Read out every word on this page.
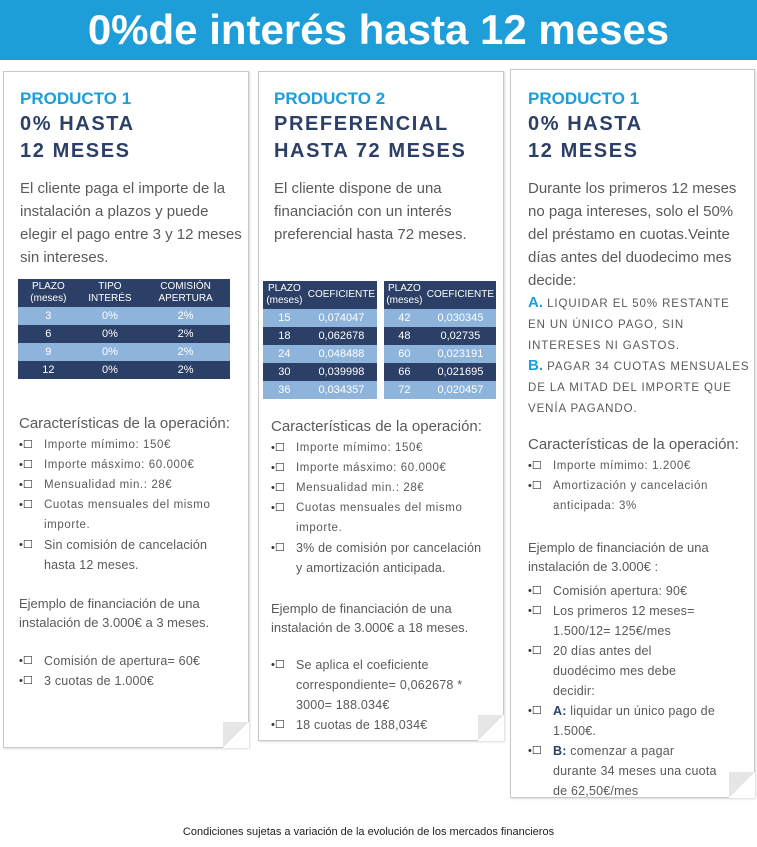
0%de interés hasta 12 meses
PRODUCTO 1
0% HASTA
12 MESES
El cliente paga el importe de la instalación a plazos y puede elegir el pago entre 3 y 12 meses sin intereses.
PLAZO (meses)	TIPO INTERÉS	COMISIÓN APERTURA
3	0%	2%
6	0%	2%
9	0%	2%
12	0%	2%
Características de la operación:
•☐ Importe mímimo: 150€
•☐ Importe másximo: 60.000€
•☐ Mensualidad min.: 28€
•☐ Cuotas mensuales del mismo importe.
•☐ Sin comisión de cancelación hasta 12 meses.
Ejemplo de financiación de una instalación de 3.000€ a 3 meses.
•☐ Comisión de apertura= 60€
•☐ 3 cuotas de 1.000€
PRODUCTO 2
PREFERENCIAL
HASTA 72 MESES
El cliente dispone de una financiación con un interés preferencial hasta 72 meses.
PLAZO (meses)	COEFICIENTE
15	0,074047
18	0,062678
24	0,048488
30	0,039998
36	0,034357
PLAZO (meses)	COEFICIENTE
42	0,030345
48	0,02735
60	0,023191
66	0,021695
72	0,020457
Características de la operación:
•☐ Importe mímimo: 150€
•☐ Importe másximo: 60.000€
•☐ Mensualidad min.: 28€
•☐ Cuotas mensuales del mismo importe.
•☐ 3% de comisión por cancelación y amortización anticipada.
Ejemplo de financiación de una instalación de 3.000€ a 18 meses.
•☐ Se aplica el coeficiente correspondiente= 0,062678 * 3000= 188.034€
•☐ 18 cuotas de 188,034€
PRODUCTO 1
0% HASTA
12 MESES
Durante los primeros 12 meses no paga intereses, solo el 50% del préstamo en cuotas.Veinte días antes del duodecimo mes decide:
A. LIQUIDAR EL 50% RESTANTE EN UN ÚNICO PAGO, SIN INTERESES NI GASTOS.
B. PAGAR 34 CUOTAS MENSUALES DE LA MITAD DEL IMPORTE QUE VENÍA PAGANDO.
Características de la operación:
•☐ Importe mímimo: 1.200€
•☐ Amortización y cancelación anticipada: 3%
Ejemplo de financiación de una instalación de 3.000€ :
•☐ Comisión apertura: 90€
•☐ Los primeros 12 meses= 1.500/12= 125€/mes
•☐ 20 días antes del duodécimo mes debe decidir:
•☐ A: liquidar un único pago de 1.500€.
•☐ B: comenzar a pagar durante 34 meses una cuota de 62,50€/mes
Condiciones sujetas a variación de la evolución de los mercados financieros
